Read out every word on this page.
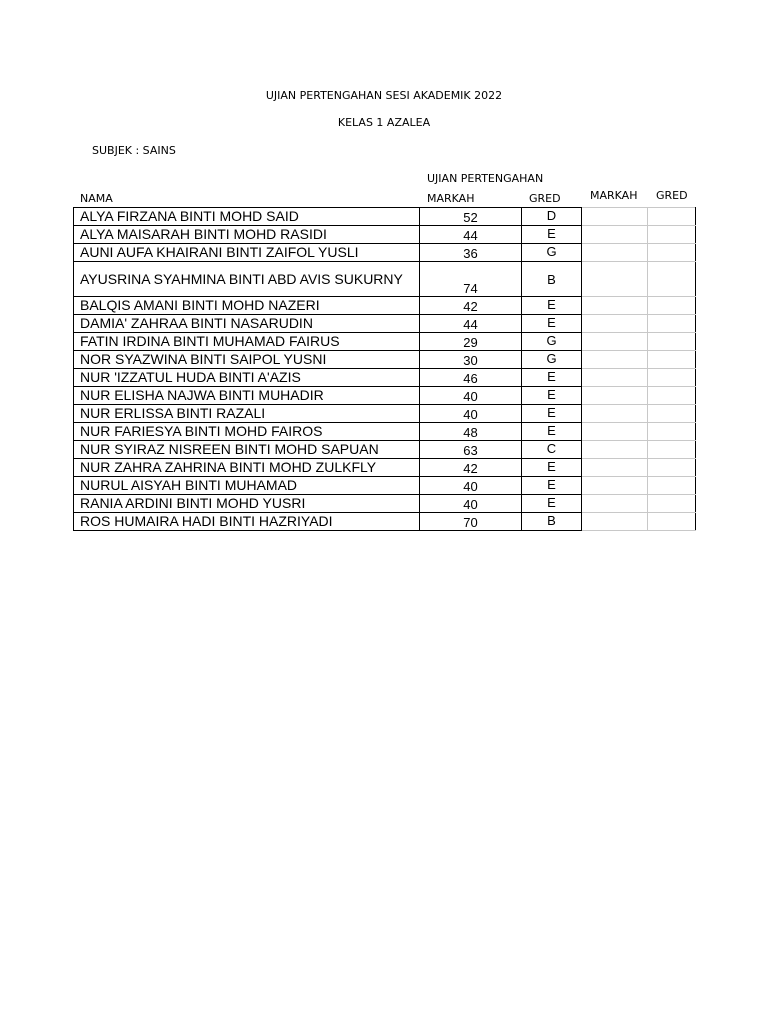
UJIAN PERTENGAHAN SESI AKADEMIK 2022
KELAS 1 AZALEA
SUBJEK : SAINS
UJIAN PERTENGAHAN
NAMA	MARKAH	GRED	MARKAH GRED
ALYA FIRZANA BINTI MOHD SAID	52	D		
ALYA MAISARAH BINTI MOHD RASIDI	44	E		
AUNI AUFA KHAIRANI BINTI ZAIFOL YUSLI	36	G		
AYUSRINA SYAHMINA BINTI ABD AVIS SUKURNY	74	B		
BALQIS AMANI BINTI MOHD NAZERI	42	E		
DAMIA' ZAHRAA BINTI NASARUDIN	44	E		
FATIN IRDINA BINTI MUHAMAD FAIRUS	29	G		
NOR SYAZWINA BINTI SAIPOL YUSNI	30	G		
NUR 'IZZATUL HUDA BINTI A'AZIS	46	E		
NUR ELISHA NAJWA BINTI MUHADIR	40	E		
NUR ERLISSA BINTI RAZALI	40	E		
NUR FARIESYA BINTI MOHD FAIROS	48	E		
NUR SYIRAZ NISREEN BINTI MOHD SAPUAN	63	C		
NUR ZAHRA ZAHRINA BINTI MOHD ZULKFLY	42	E		
NURUL AISYAH BINTI MUHAMAD	40	E		
RANIA ARDINI BINTI MOHD YUSRI	40	E		
ROS HUMAIRA HADI BINTI HAZRIYADI	70	B		
